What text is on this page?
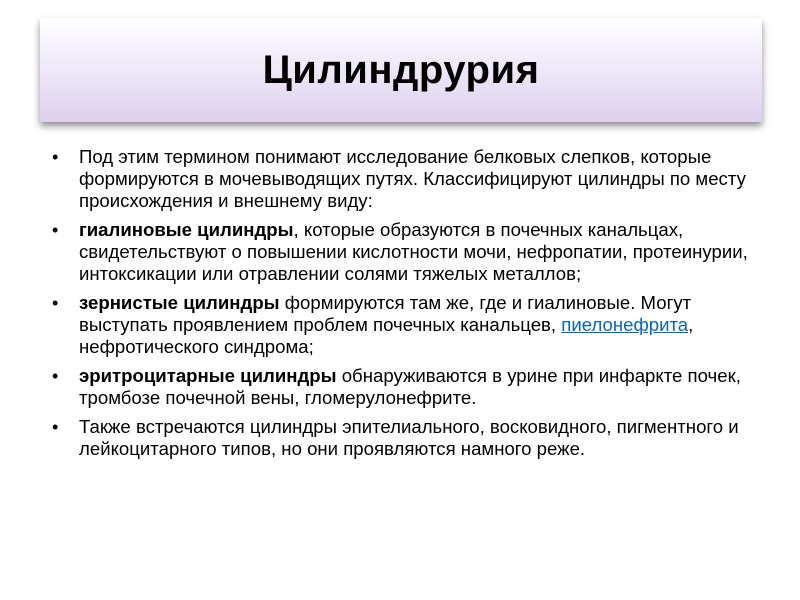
Цилиндрурия
• Под этим термином понимают исследование белковых слепков, которые формируются в мочевыводящих путях. Классифицируют цилиндры по месту происхождения и внешнему виду:
• гиалиновые цилиндры, которые образуются в почечных канальцах, свидетельствуют о повышении кислотности мочи, нефропатии, протеинурии, интоксикации или отравлении солями тяжелых металлов;
• зернистые цилиндры формируются там же, где и гиалиновые. Могут выступать проявлением проблем почечных канальцев, пиелонефрита, нефротического синдрома;
• эритроцитарные цилиндры обнаруживаются в урине при инфаркте почек, тромбозе почечной вены, гломерулонефрите.
• Также встречаются цилиндры эпителиального, восковидного, пигментного и лейкоцитарного типов, но они проявляются намного реже.
